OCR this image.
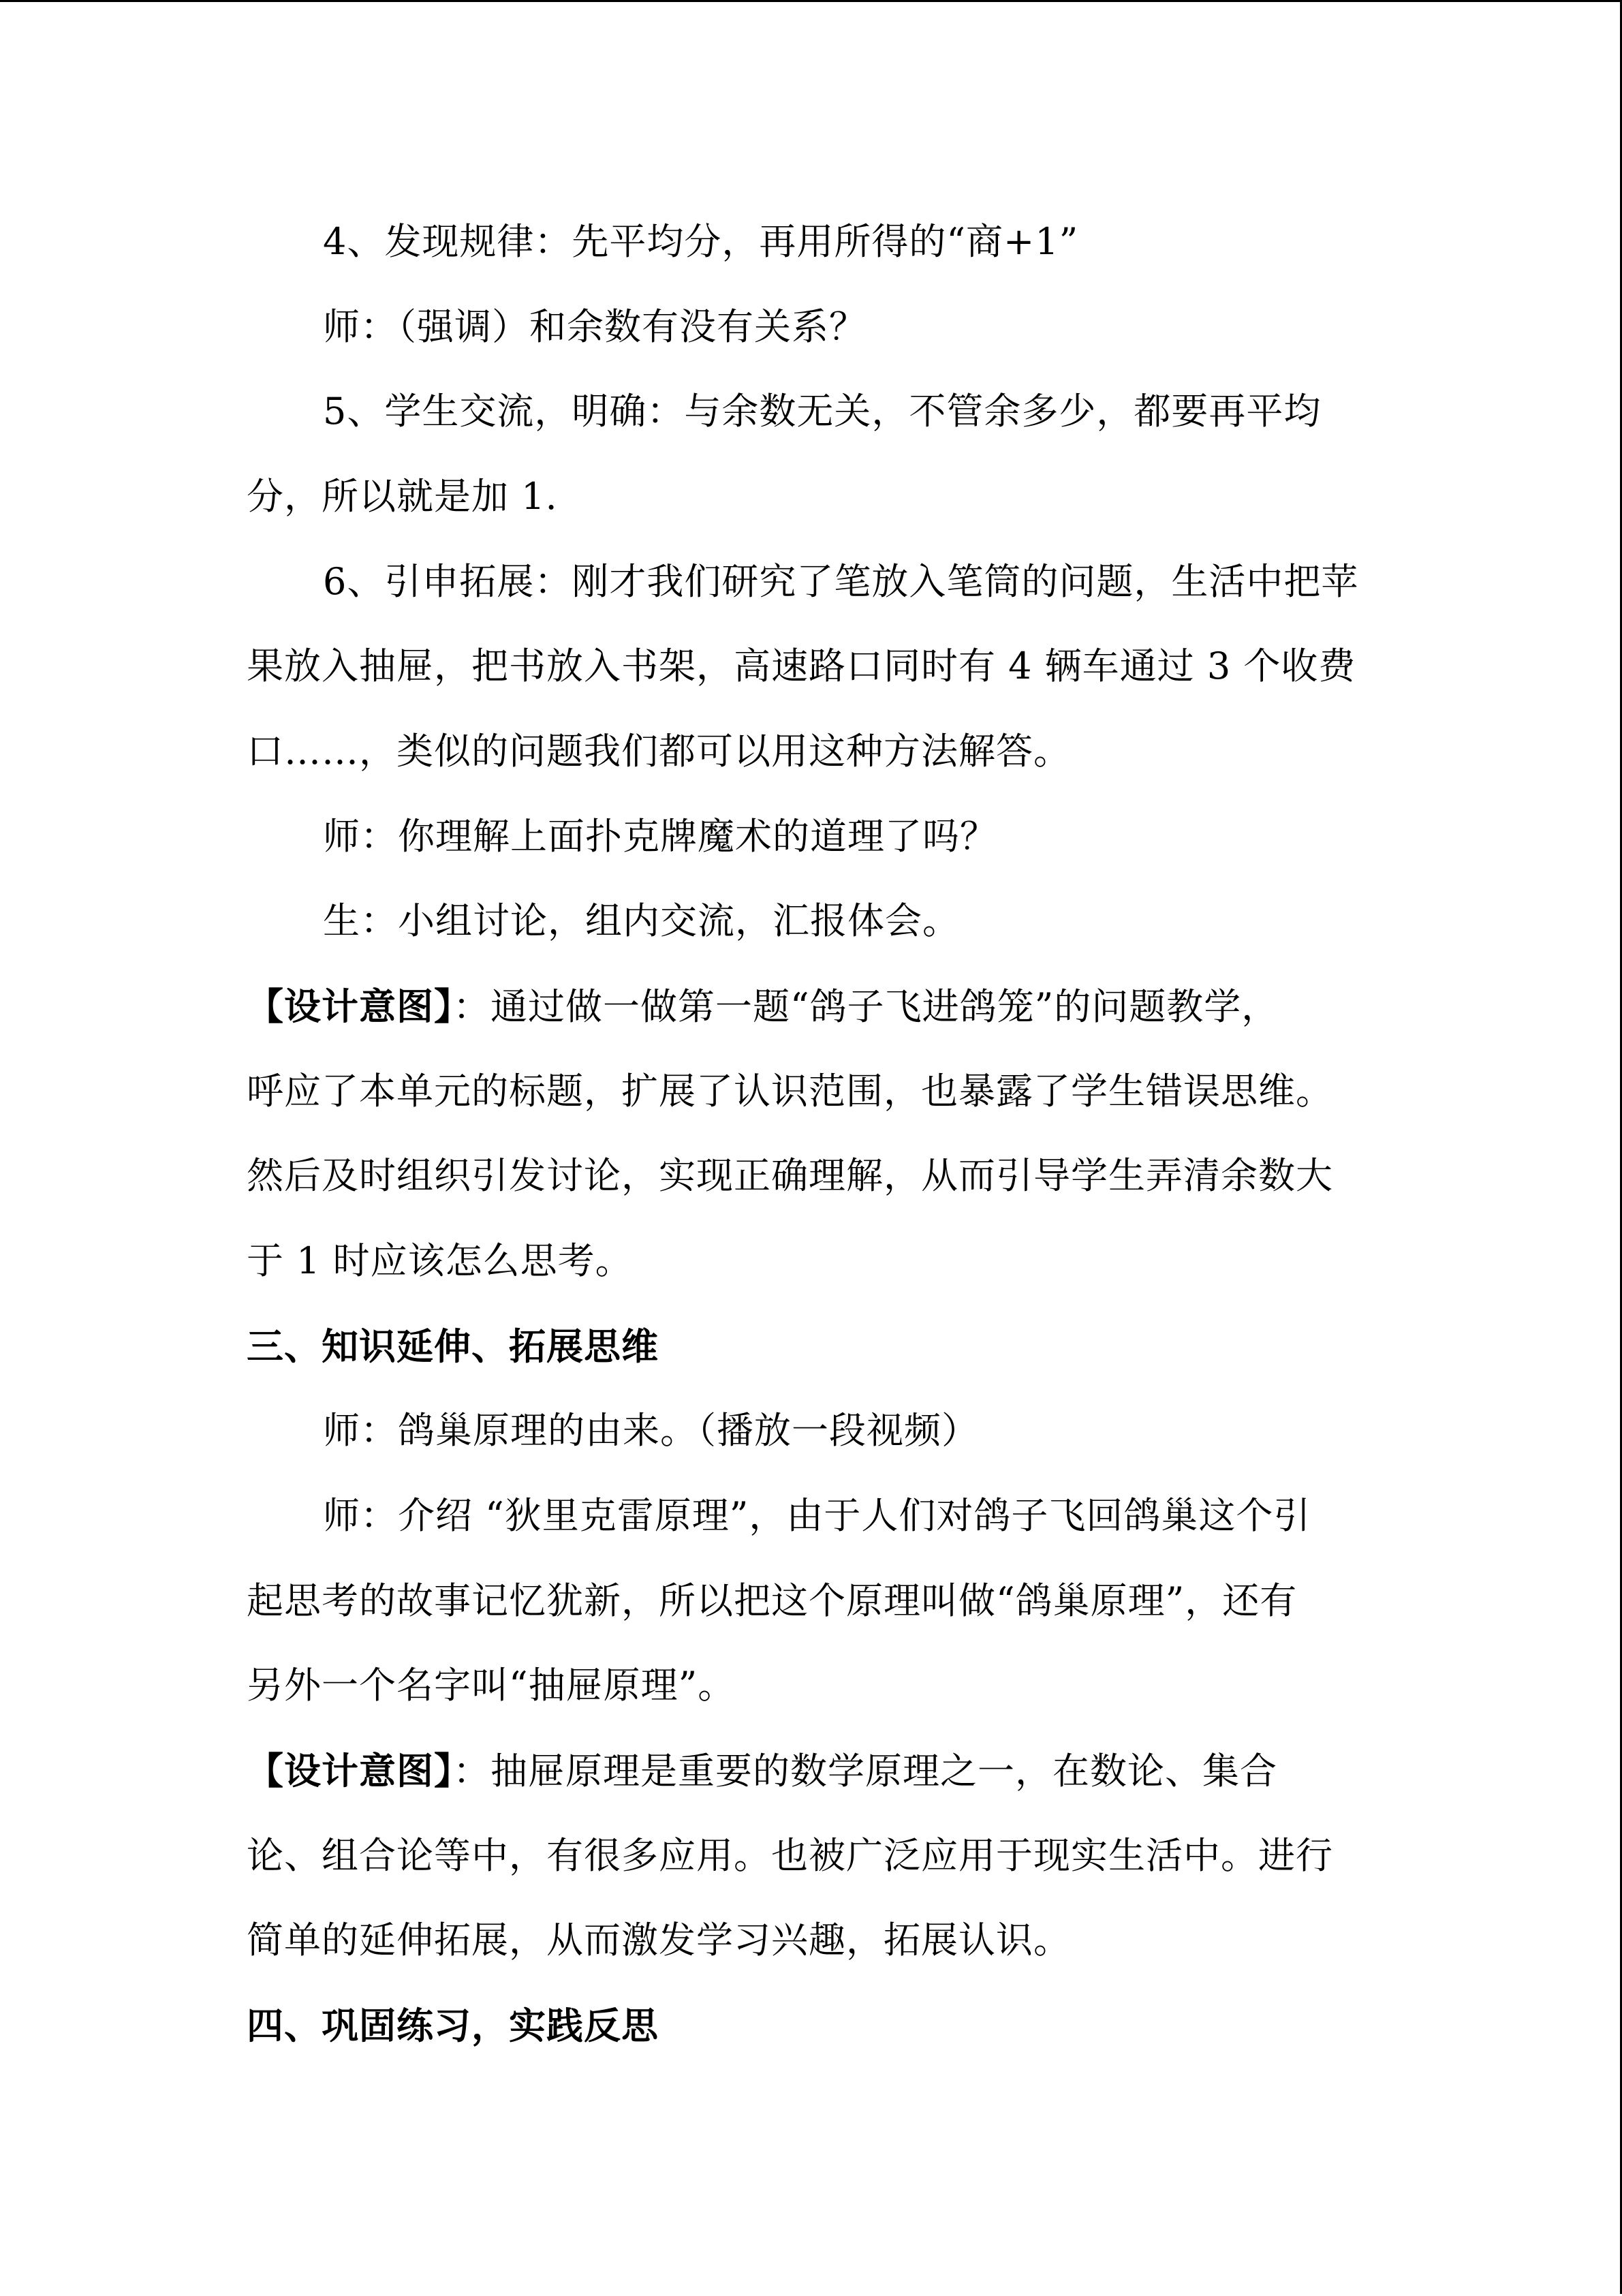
4、发现规律：先平均分，再用所得的“商+1”
师：（强调）和余数有没有关系？
5、学生交流，明确：与余数无关，不管余多少，都要再平均
分，所以就是加 1.
6、引申拓展：刚才我们研究了笔放入笔筒的问题，生活中把苹
果放入抽屉，把书放入书架，高速路口同时有 4 辆车通过 3 个收费
口……，类似的问题我们都可以用这种方法解答。
师：你理解上面扑克牌魔术的道理了吗？
生：小组讨论，组内交流，汇报体会。
【设计意图】：通过做一做第一题“鸽子飞进鸽笼”的问题教学，
呼应了本单元的标题，扩展了认识范围，也暴露了学生错误思维。
然后及时组织引发讨论，实现正确理解，从而引导学生弄清余数大
于 1 时应该怎么思考。
三、知识延伸、拓展思维
师：鸽巢原理的由来。（播放一段视频）
师：介绍 “狄里克雷原理”，由于人们对鸽子飞回鸽巢这个引
起思考的故事记忆犹新，所以把这个原理叫做“鸽巢原理”，还有
另外一个名字叫“抽屉原理”。
【设计意图】：抽屉原理是重要的数学原理之一，在数论、集合
论、组合论等中，有很多应用。也被广泛应用于现实生活中。进行
简单的延伸拓展，从而激发学习兴趣，拓展认识。
四、巩固练习，实践反思
